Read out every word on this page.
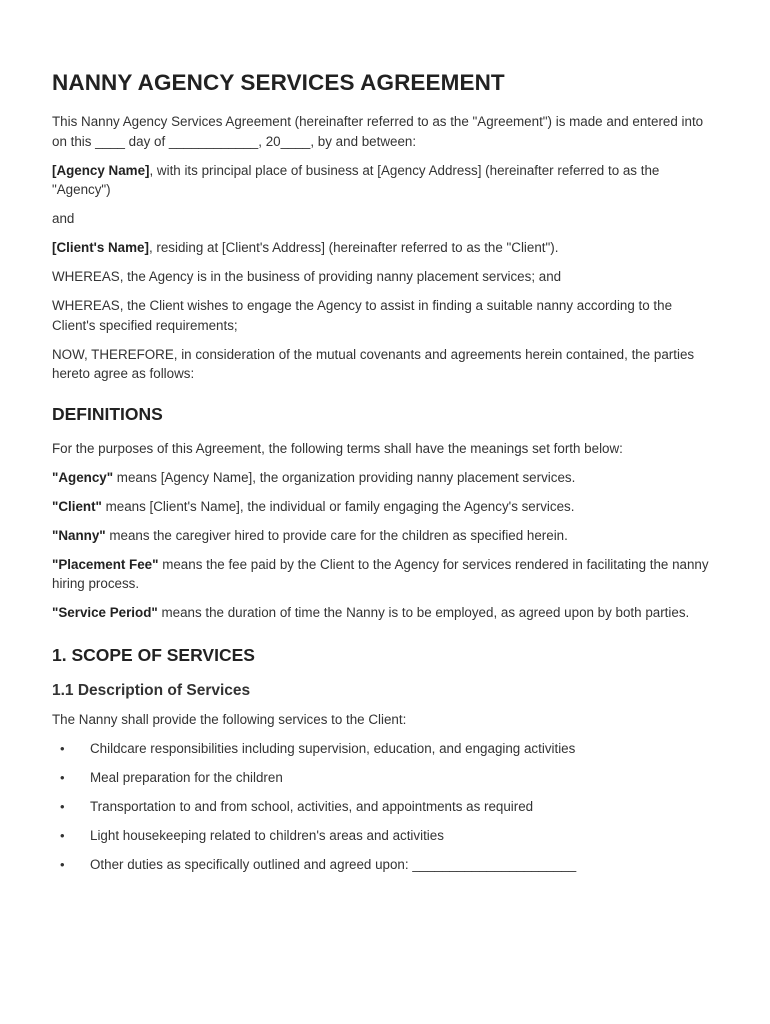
NANNY AGENCY SERVICES AGREEMENT

This Nanny Agency Services Agreement (hereinafter referred to as the "Agreement") is made and entered into on this ____ day of ____________, 20____, by and between:

[Agency Name], with its principal place of business at [Agency Address] (hereinafter referred to as the "Agency")

and

[Client's Name], residing at [Client's Address] (hereinafter referred to as the "Client").

WHEREAS, the Agency is in the business of providing nanny placement services; and

WHEREAS, the Client wishes to engage the Agency to assist in finding a suitable nanny according to the Client's specified requirements;

NOW, THEREFORE, in consideration of the mutual covenants and agreements herein contained, the parties hereto agree as follows:

DEFINITIONS

For the purposes of this Agreement, the following terms shall have the meanings set forth below:

"Agency" means [Agency Name], the organization providing nanny placement services.

"Client" means [Client's Name], the individual or family engaging the Agency's services.

"Nanny" means the caregiver hired to provide care for the children as specified herein.

"Placement Fee" means the fee paid by the Client to the Agency for services rendered in facilitating the nanny hiring process.

"Service Period" means the duration of time the Nanny is to be employed, as agreed upon by both parties.

1. SCOPE OF SERVICES
1.1 Description of Services

The Nanny shall provide the following services to the Client:

• Childcare responsibilities including supervision, education, and engaging activities
• Meal preparation for the children
• Transportation to and from school, activities, and appointments as required
• Light housekeeping related to children's areas and activities
• Other duties as specifically outlined and agreed upon: ______________________
